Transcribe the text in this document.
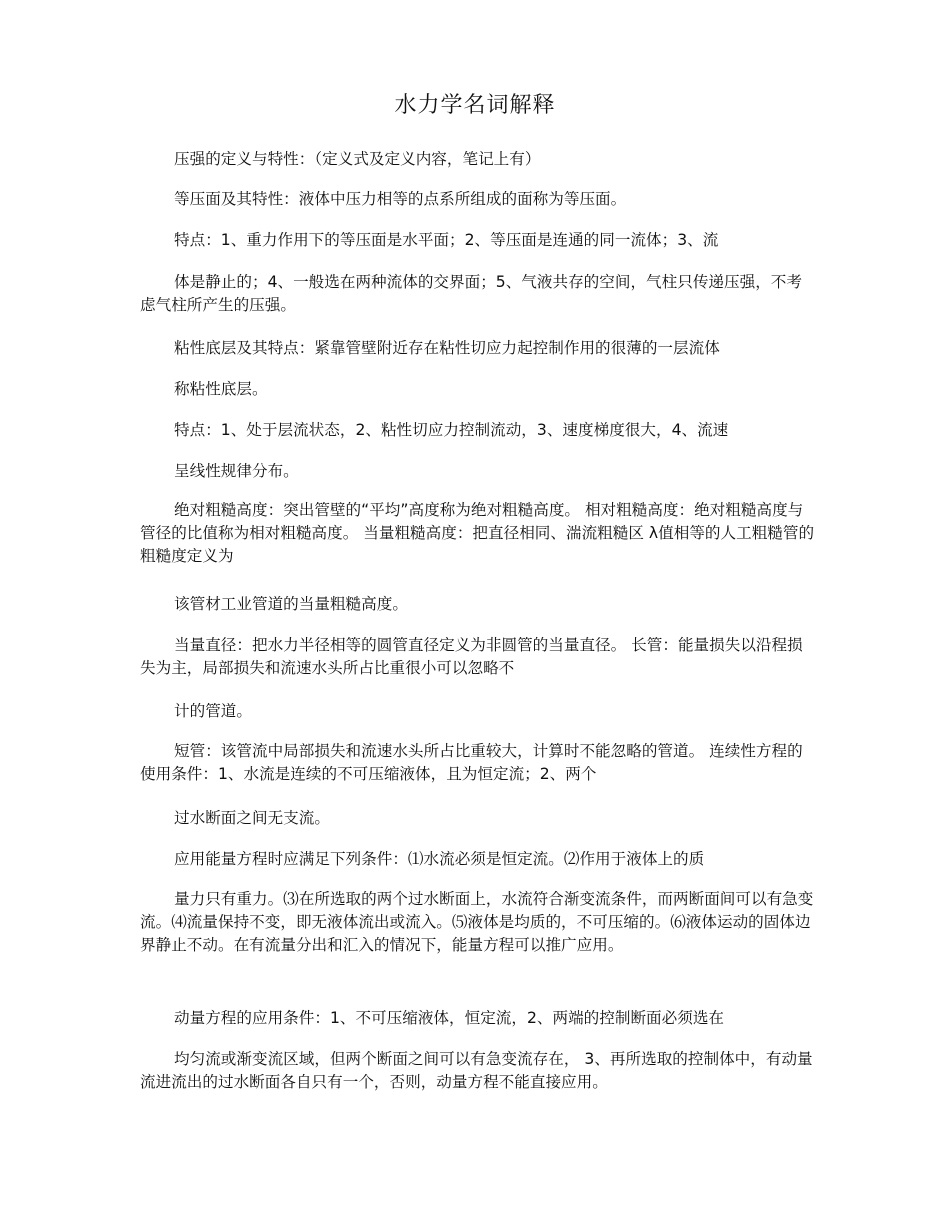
水力学名词解释

压强的定义与特性：（定义式及定义内容，笔记上有）

等压面及其特性：液体中压力相等的点系所组成的面称为等压面。

特点：1、重力作用下的等压面是水平面；2、等压面是连通的同一流体；3、流

体是静止的；4、一般选在两种流体的交界面；5、气液共存的空间，气柱只传递压强，不考虑气柱所产生的压强。

粘性底层及其特点：紧靠管壁附近存在粘性切应力起控制作用的很薄的一层流体

称粘性底层。

特点：1、处于层流状态，2、粘性切应力控制流动，3、速度梯度很大，4、流速

呈线性规律分布。

绝对粗糙高度：突出管壁的“平均”高度称为绝对粗糙高度。 相对粗糙高度：绝对粗糙高度与管径的比值称为相对粗糙高度。 当量粗糙高度：把直径相同、湍流粗糙区 λ值相等的人工粗糙管的粗糙度定义为

该管材工业管道的当量粗糙高度。

当量直径：把水力半径相等的圆管直径定义为非圆管的当量直径。 长管：能量损失以沿程损失为主，局部损失和流速水头所占比重很小可以忽略不

计的管道。

短管：该管流中局部损失和流速水头所占比重较大，计算时不能忽略的管道。 连续性方程的使用条件：1、水流是连续的不可压缩液体，且为恒定流；2、两个

过水断面之间无支流。

应用能量方程时应满足下列条件：⑴水流必须是恒定流。⑵作用于液体上的质

量力只有重力。⑶在所选取的两个过水断面上，水流符合渐变流条件，而两断面间可以有急变流。⑷流量保持不变，即无液体流出或流入。⑸液体是均质的，不可压缩的。⑹液体运动的固体边界静止不动。在有流量分出和汇入的情况下，能量方程可以推广应用。

动量方程的应用条件：1、不可压缩液体，恒定流，2、两端的控制断面必须选在

均匀流或渐变流区域，但两个断面之间可以有急变流存在， 3、再所选取的控制体中，有动量流进流出的过水断面各自只有一个，否则，动量方程不能直接应用。
